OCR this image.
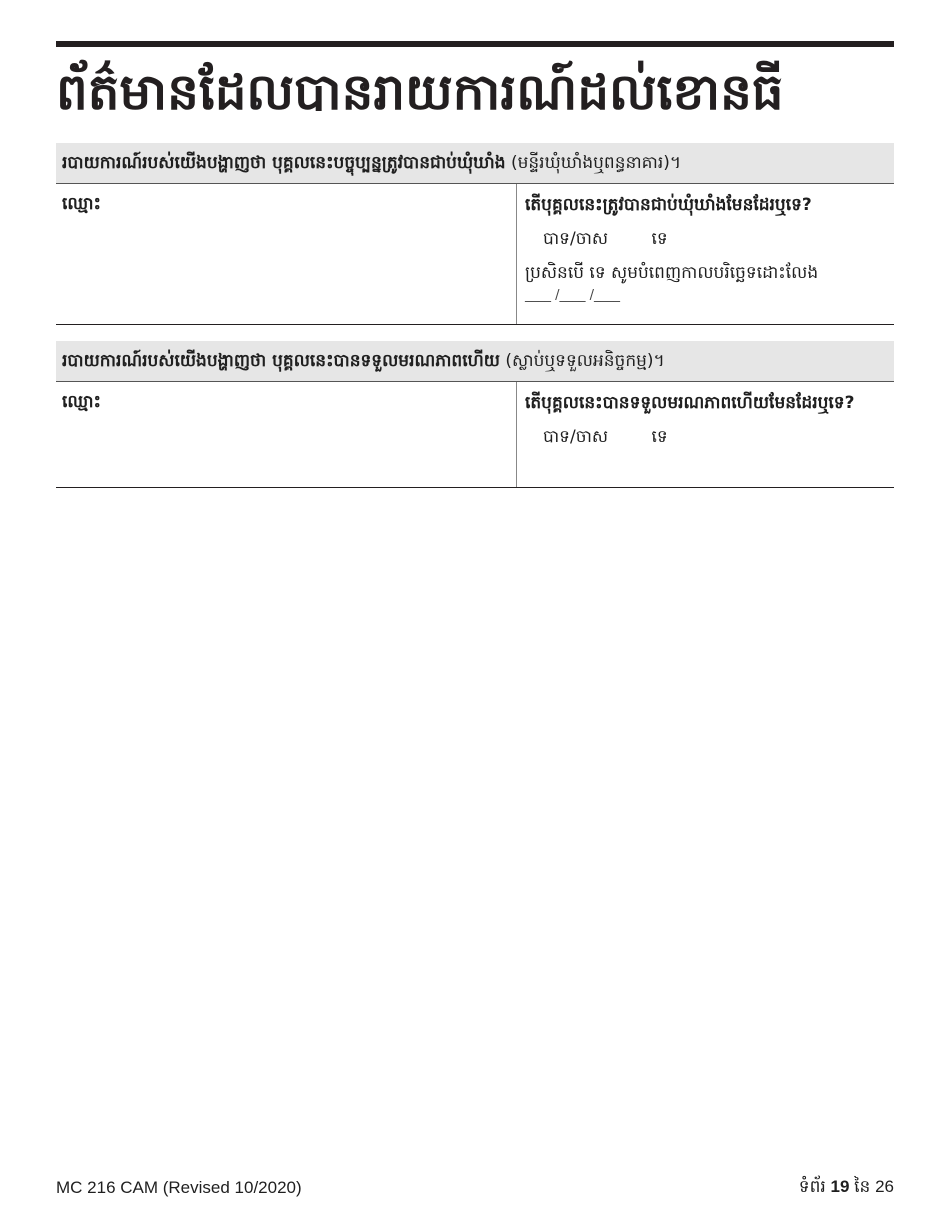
ព័ត៌មានដែលបានរាយការណ៍ដល់ខោនធី
របាយការណ៍របស់យើងបង្ហាញថា បុគ្គលនេះបច្ចុប្បន្នត្រូវបានជាប់ឃុំឃាំង (មន្ទីរឃុំឃាំងឬពន្ធនាគារ)។
ឈ្មោះ	តើបុគ្គលនេះត្រូវបានជាប់ឃុំឃាំងមែនដែរឬទេ?
បាទ/ចាស	ទេ
ប្រសិនបើ ទេ សូមបំពេញកាលបរិច្ឆេទដោះលែង
____ /____ /____
របាយការណ៍របស់យើងបង្ហាញថា បុគ្គលនេះបានទទួលមរណភាពហើយ (ស្លាប់ឬទទួលអនិច្ចកម្ម)។
ឈ្មោះ	តើបុគ្គលនេះបានទទួលមរណភាពហើយមែនដែរឬទេ?
បាទ/ចាស	ទេ
MC 216 CAM (Revised 10/2020)	ទំព័រ 19 នៃ 26
